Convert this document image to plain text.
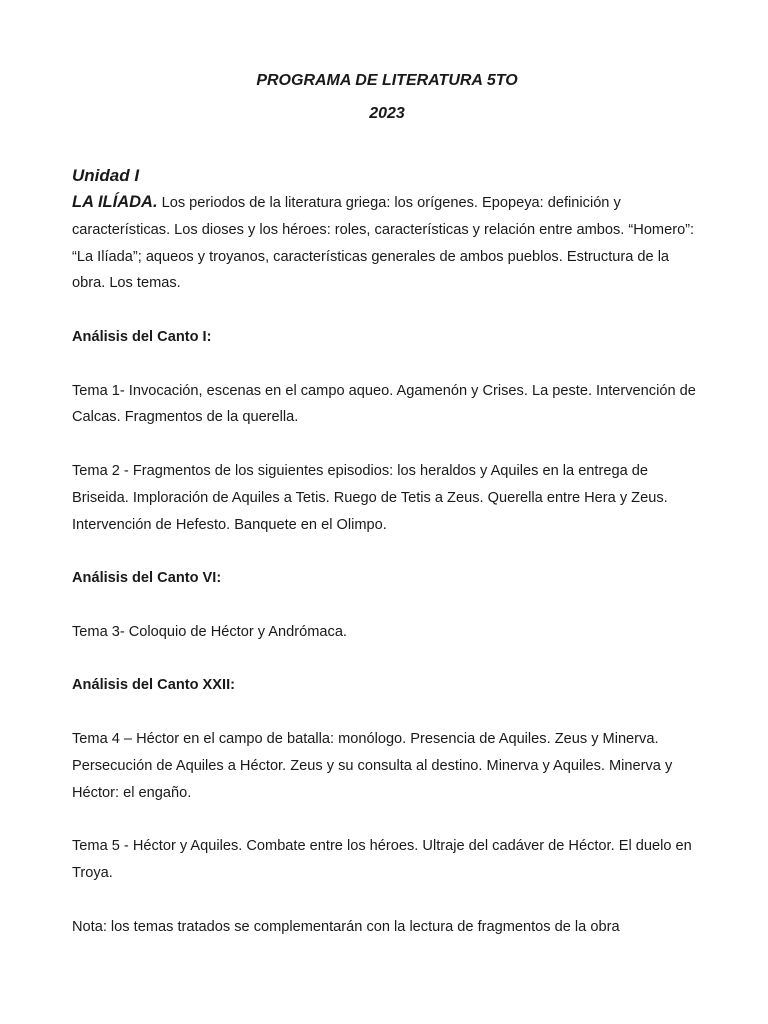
PROGRAMA DE LITERATURA 5TO
2023
Unidad I

LA ILÍADA. Los periodos de la literatura griega: los orígenes. Epopeya: definición y características. Los dioses y los héroes: roles, características y relación entre ambos. “Homero”: “La Ilíada”; aqueos y troyanos, características generales de ambos pueblos. Estructura de la obra. Los temas.

Análisis del Canto I:

Tema 1- Invocación, escenas en el campo aqueo. Agamenón y Crises. La peste. Intervención de Calcas. Fragmentos de la querella.

Tema 2 - Fragmentos de los siguientes episodios: los heraldos y Aquiles en la entrega de Briseida. Imploración de Aquiles a Tetis. Ruego de Tetis a Zeus. Querella entre Hera y Zeus. Intervención de Hefesto. Banquete en el Olimpo.

Análisis del Canto VI:

Tema 3- Coloquio de Héctor y Andrómaca.

Análisis del Canto XXII:

Tema 4 – Héctor en el campo de batalla: monólogo. Presencia de Aquiles. Zeus y Minerva. Persecución de Aquiles a Héctor. Zeus y su consulta al destino. Minerva y Aquiles. Minerva y Héctor: el engaño.

Tema 5 - Héctor y Aquiles. Combate entre los héroes. Ultraje del cadáver de Héctor. El duelo en Troya.

Nota: los temas tratados se complementarán con la lectura de fragmentos de la obra
